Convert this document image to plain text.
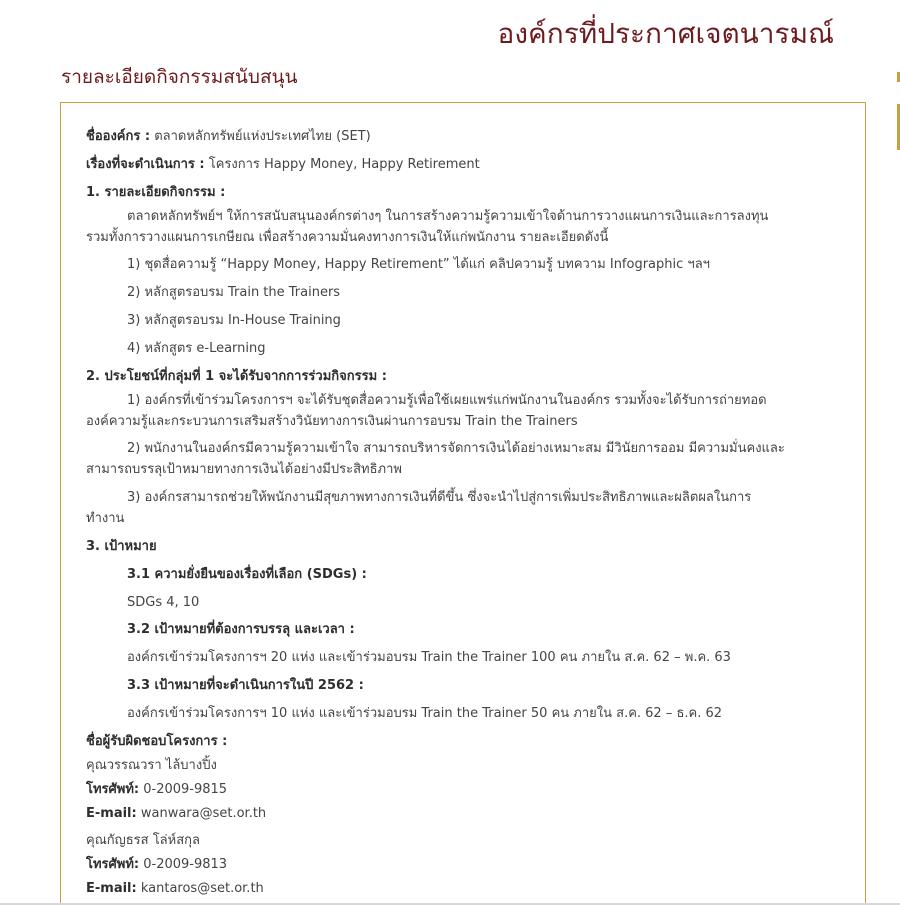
องค์กรที่ประกาศเจตนารมณ์
รายละเอียดกิจกรรมสนับสนุน
ชื่อองค์กร : ตลาดหลักทรัพย์แห่งประเทศไทย (SET)
เรื่องที่จะดำเนินการ : โครงการ Happy Money, Happy Retirement
1. รายละเอียดกิจกรรม :
ตลาดหลักทรัพย์ฯ ให้การสนับสนุนองค์กรต่างๆ ในการสร้างความรู้ความเข้าใจด้านการวางแผนการเงินและการลงทุน
รวมทั้งการวางแผนการเกษียณ เพื่อสร้างความมั่นคงทางการเงินให้แก่พนักงาน รายละเอียดดังนี้
1) ชุดสื่อความรู้ “Happy Money, Happy Retirement” ได้แก่ คลิปความรู้ บทความ Infographic ฯลฯ
2) หลักสูตรอบรม Train the Trainers
3) หลักสูตรอบรม In-House Training
4) หลักสูตร e-Learning
2. ประโยชน์ที่กลุ่มที่ 1 จะได้รับจากการร่วมกิจกรรม :
1) องค์กรที่เข้าร่วมโครงการฯ จะได้รับชุดสื่อความรู้เพื่อใช้เผยแพร่แก่พนักงานในองค์กร รวมทั้งจะได้รับการถ่ายทอด
องค์ความรู้และกระบวนการเสริมสร้างวินัยทางการเงินผ่านการอบรม Train the Trainers
2) พนักงานในองค์กรมีความรู้ความเข้าใจ สามารถบริหารจัดการเงินได้อย่างเหมาะสม มีวินัยการออม มีความมั่นคงและ
สามารถบรรลุเป้าหมายทางการเงินได้อย่างมีประสิทธิภาพ
3) องค์กรสามารถช่วยให้พนักงานมีสุขภาพทางการเงินที่ดีขึ้น ซึ่งจะนำไปสู่การเพิ่มประสิทธิภาพและผลิตผลในการ
ทำงาน
3. เป้าหมาย
3.1 ความยั่งยืนของเรื่องที่เลือก (SDGs) :
SDGs 4, 10
3.2 เป้าหมายที่ต้องการบรรลุ และเวลา :
องค์กรเข้าร่วมโครงการฯ 20 แห่ง และเข้าร่วมอบรม Train the Trainer 100 คน ภายใน ส.ค. 62 – พ.ค. 63
3.3 เป้าหมายที่จะดำเนินการในปี 2562 :
องค์กรเข้าร่วมโครงการฯ 10 แห่ง และเข้าร่วมอบรม Train the Trainer 50 คน ภายใน ส.ค. 62 – ธ.ค. 62
ชื่อผู้รับผิดชอบโครงการ :
คุณวรรณวรา ไล้บางปิ้ง
โทรศัพท์: 0-2009-9815
E-mail: wanwara@set.or.th
คุณกัญธรส โล่ห์สกุล
โทรศัพท์: 0-2009-9813
E-mail: kantaros@set.or.th
